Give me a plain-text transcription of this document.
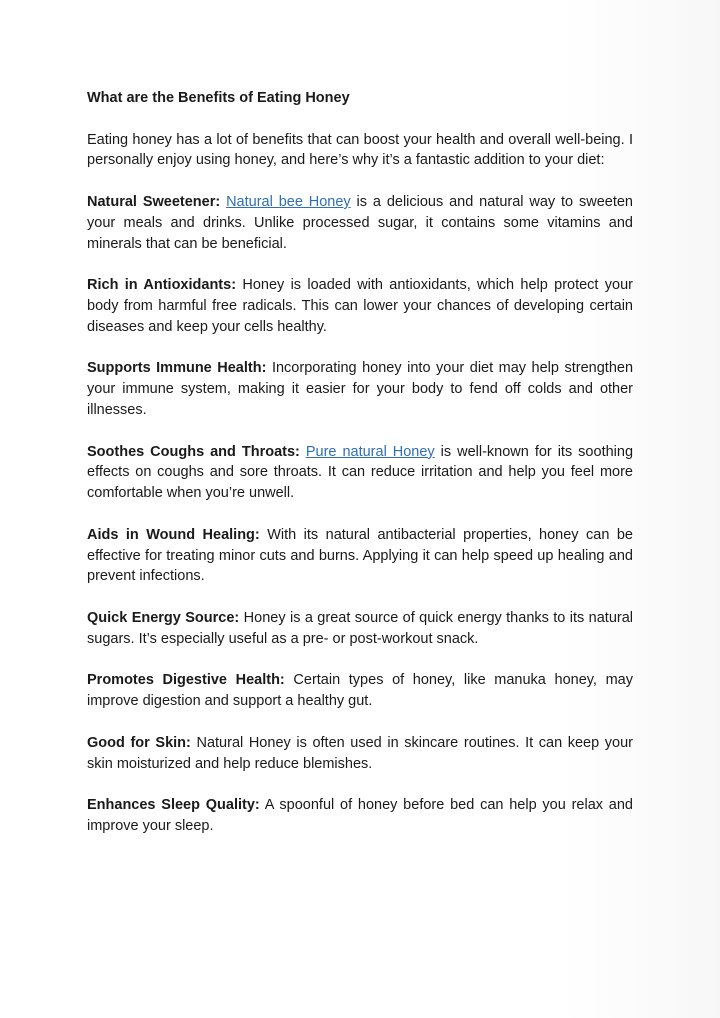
What are the Benefits of Eating Honey

Eating honey has a lot of benefits that can boost your health and overall well-being. I personally enjoy using honey, and here’s why it’s a fantastic addition to your diet:

Natural Sweetener: Natural bee Honey is a delicious and natural way to sweeten your meals and drinks. Unlike processed sugar, it contains some vitamins and minerals that can be beneficial.

Rich in Antioxidants: Honey is loaded with antioxidants, which help protect your body from harmful free radicals. This can lower your chances of developing certain diseases and keep your cells healthy.

Supports Immune Health: Incorporating honey into your diet may help strengthen your immune system, making it easier for your body to fend off colds and other illnesses.

Soothes Coughs and Throats: Pure natural Honey is well-known for its soothing effects on coughs and sore throats. It can reduce irritation and help you feel more comfortable when you’re unwell.

Aids in Wound Healing: With its natural antibacterial properties, honey can be effective for treating minor cuts and burns. Applying it can help speed up healing and prevent infections.

Quick Energy Source: Honey is a great source of quick energy thanks to its natural sugars. It’s especially useful as a pre- or post-workout snack.

Promotes Digestive Health: Certain types of honey, like manuka honey, may improve digestion and support a healthy gut.

Good for Skin: Natural Honey is often used in skincare routines. It can keep your skin moisturized and help reduce blemishes.

Enhances Sleep Quality: A spoonful of honey before bed can help you relax and improve your sleep.
